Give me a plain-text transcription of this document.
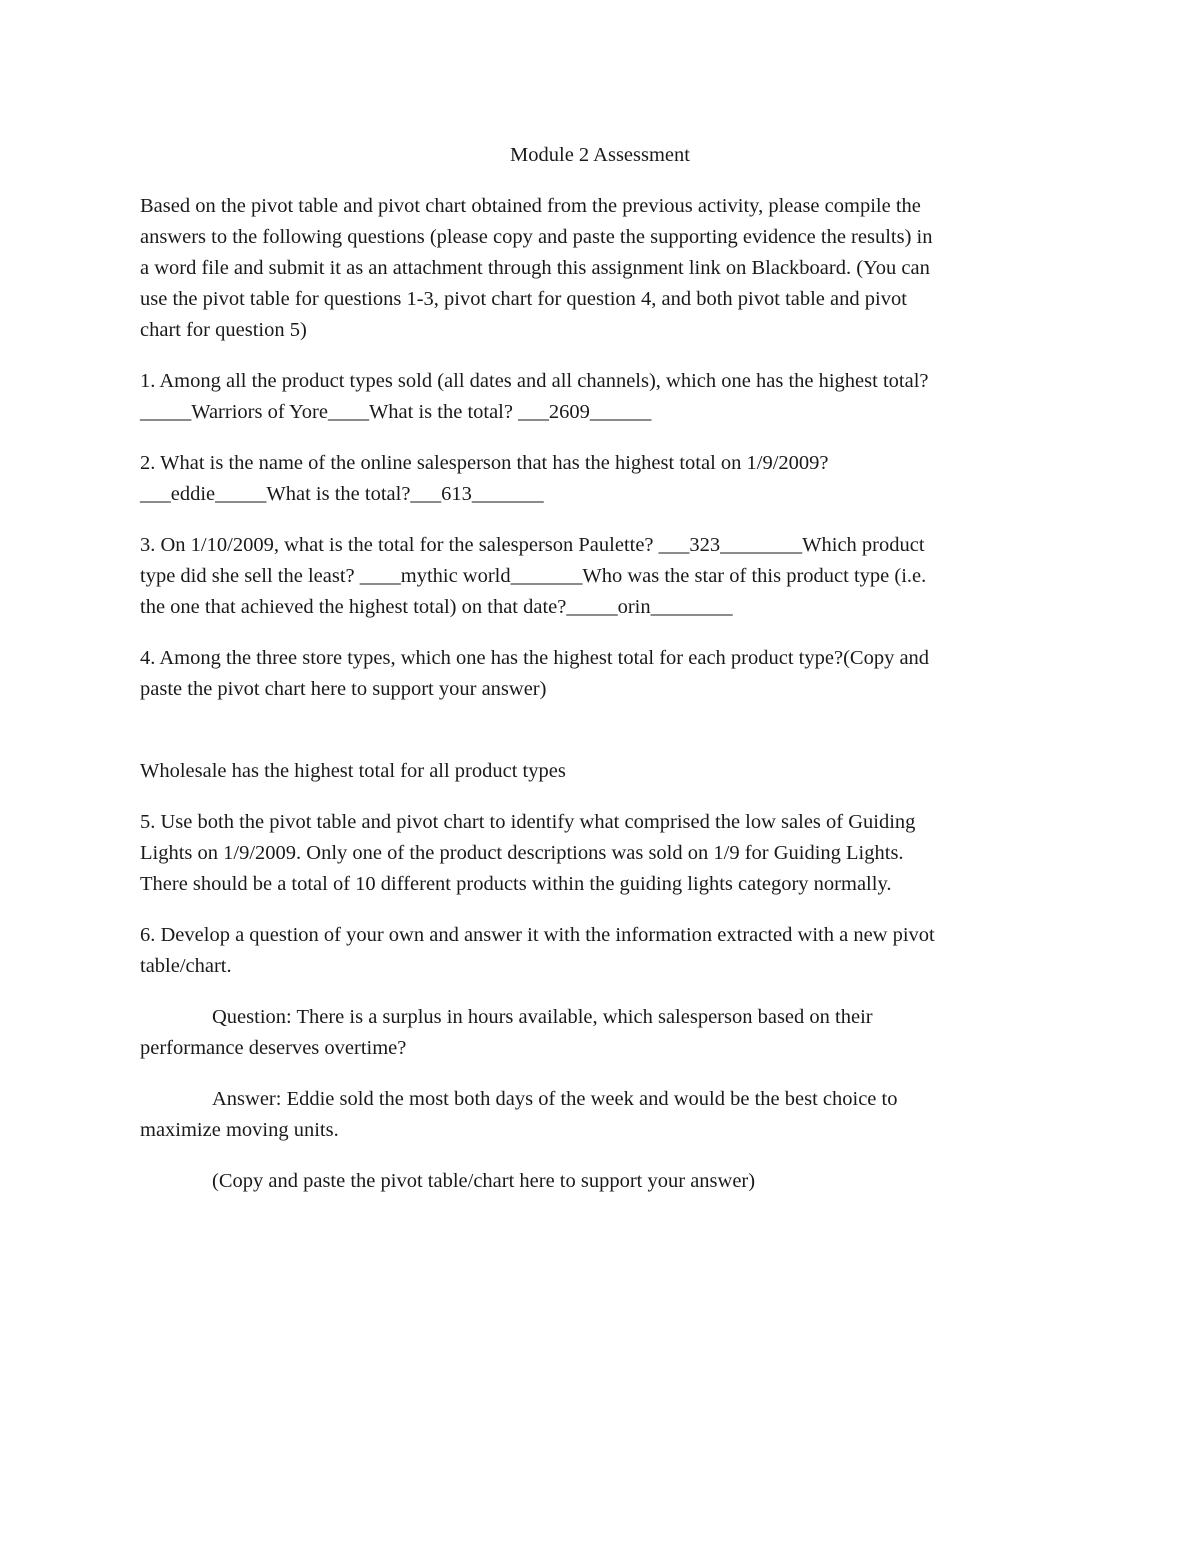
Module 2 Assessment

Based on the pivot table and pivot chart obtained from the previous activity, please compile the
answers to the following questions (please copy and paste the supporting evidence the results) in
a word file and submit it as an attachment through this assignment link on Blackboard. (You can
use the pivot table for questions 1-3, pivot chart for question 4, and both pivot table and pivot
chart for question 5)

1. Among all the product types sold (all dates and all channels), which one has the highest total?
_____Warriors of Yore____What is the total? ___2609______

2. What is the name of the online salesperson that has the highest total on 1/9/2009?
___eddie_____What is the total?___613_______

3. On 1/10/2009, what is the total for the salesperson Paulette? ___323________Which product
type did she sell the least? ____mythic world_______Who was the star of this product type (i.e.
the one that achieved the highest total) on that date?_____orin________

4. Among the three store types, which one has the highest total for each product type?(Copy and
paste the pivot chart here to support your answer)

Wholesale has the highest total for all product types

5. Use both the pivot table and pivot chart to identify what comprised the low sales of Guiding
Lights on 1/9/2009. Only one of the product descriptions was sold on 1/9 for Guiding Lights.
There should be a total of 10 different products within the guiding lights category normally.

6. Develop a question of your own and answer it with the information extracted with a new pivot
table/chart.

Question: There is a surplus in hours available, which salesperson based on their
performance deserves overtime?

Answer: Eddie sold the most both days of the week and would be the best choice to
maximize moving units.

(Copy and paste the pivot table/chart here to support your answer)
